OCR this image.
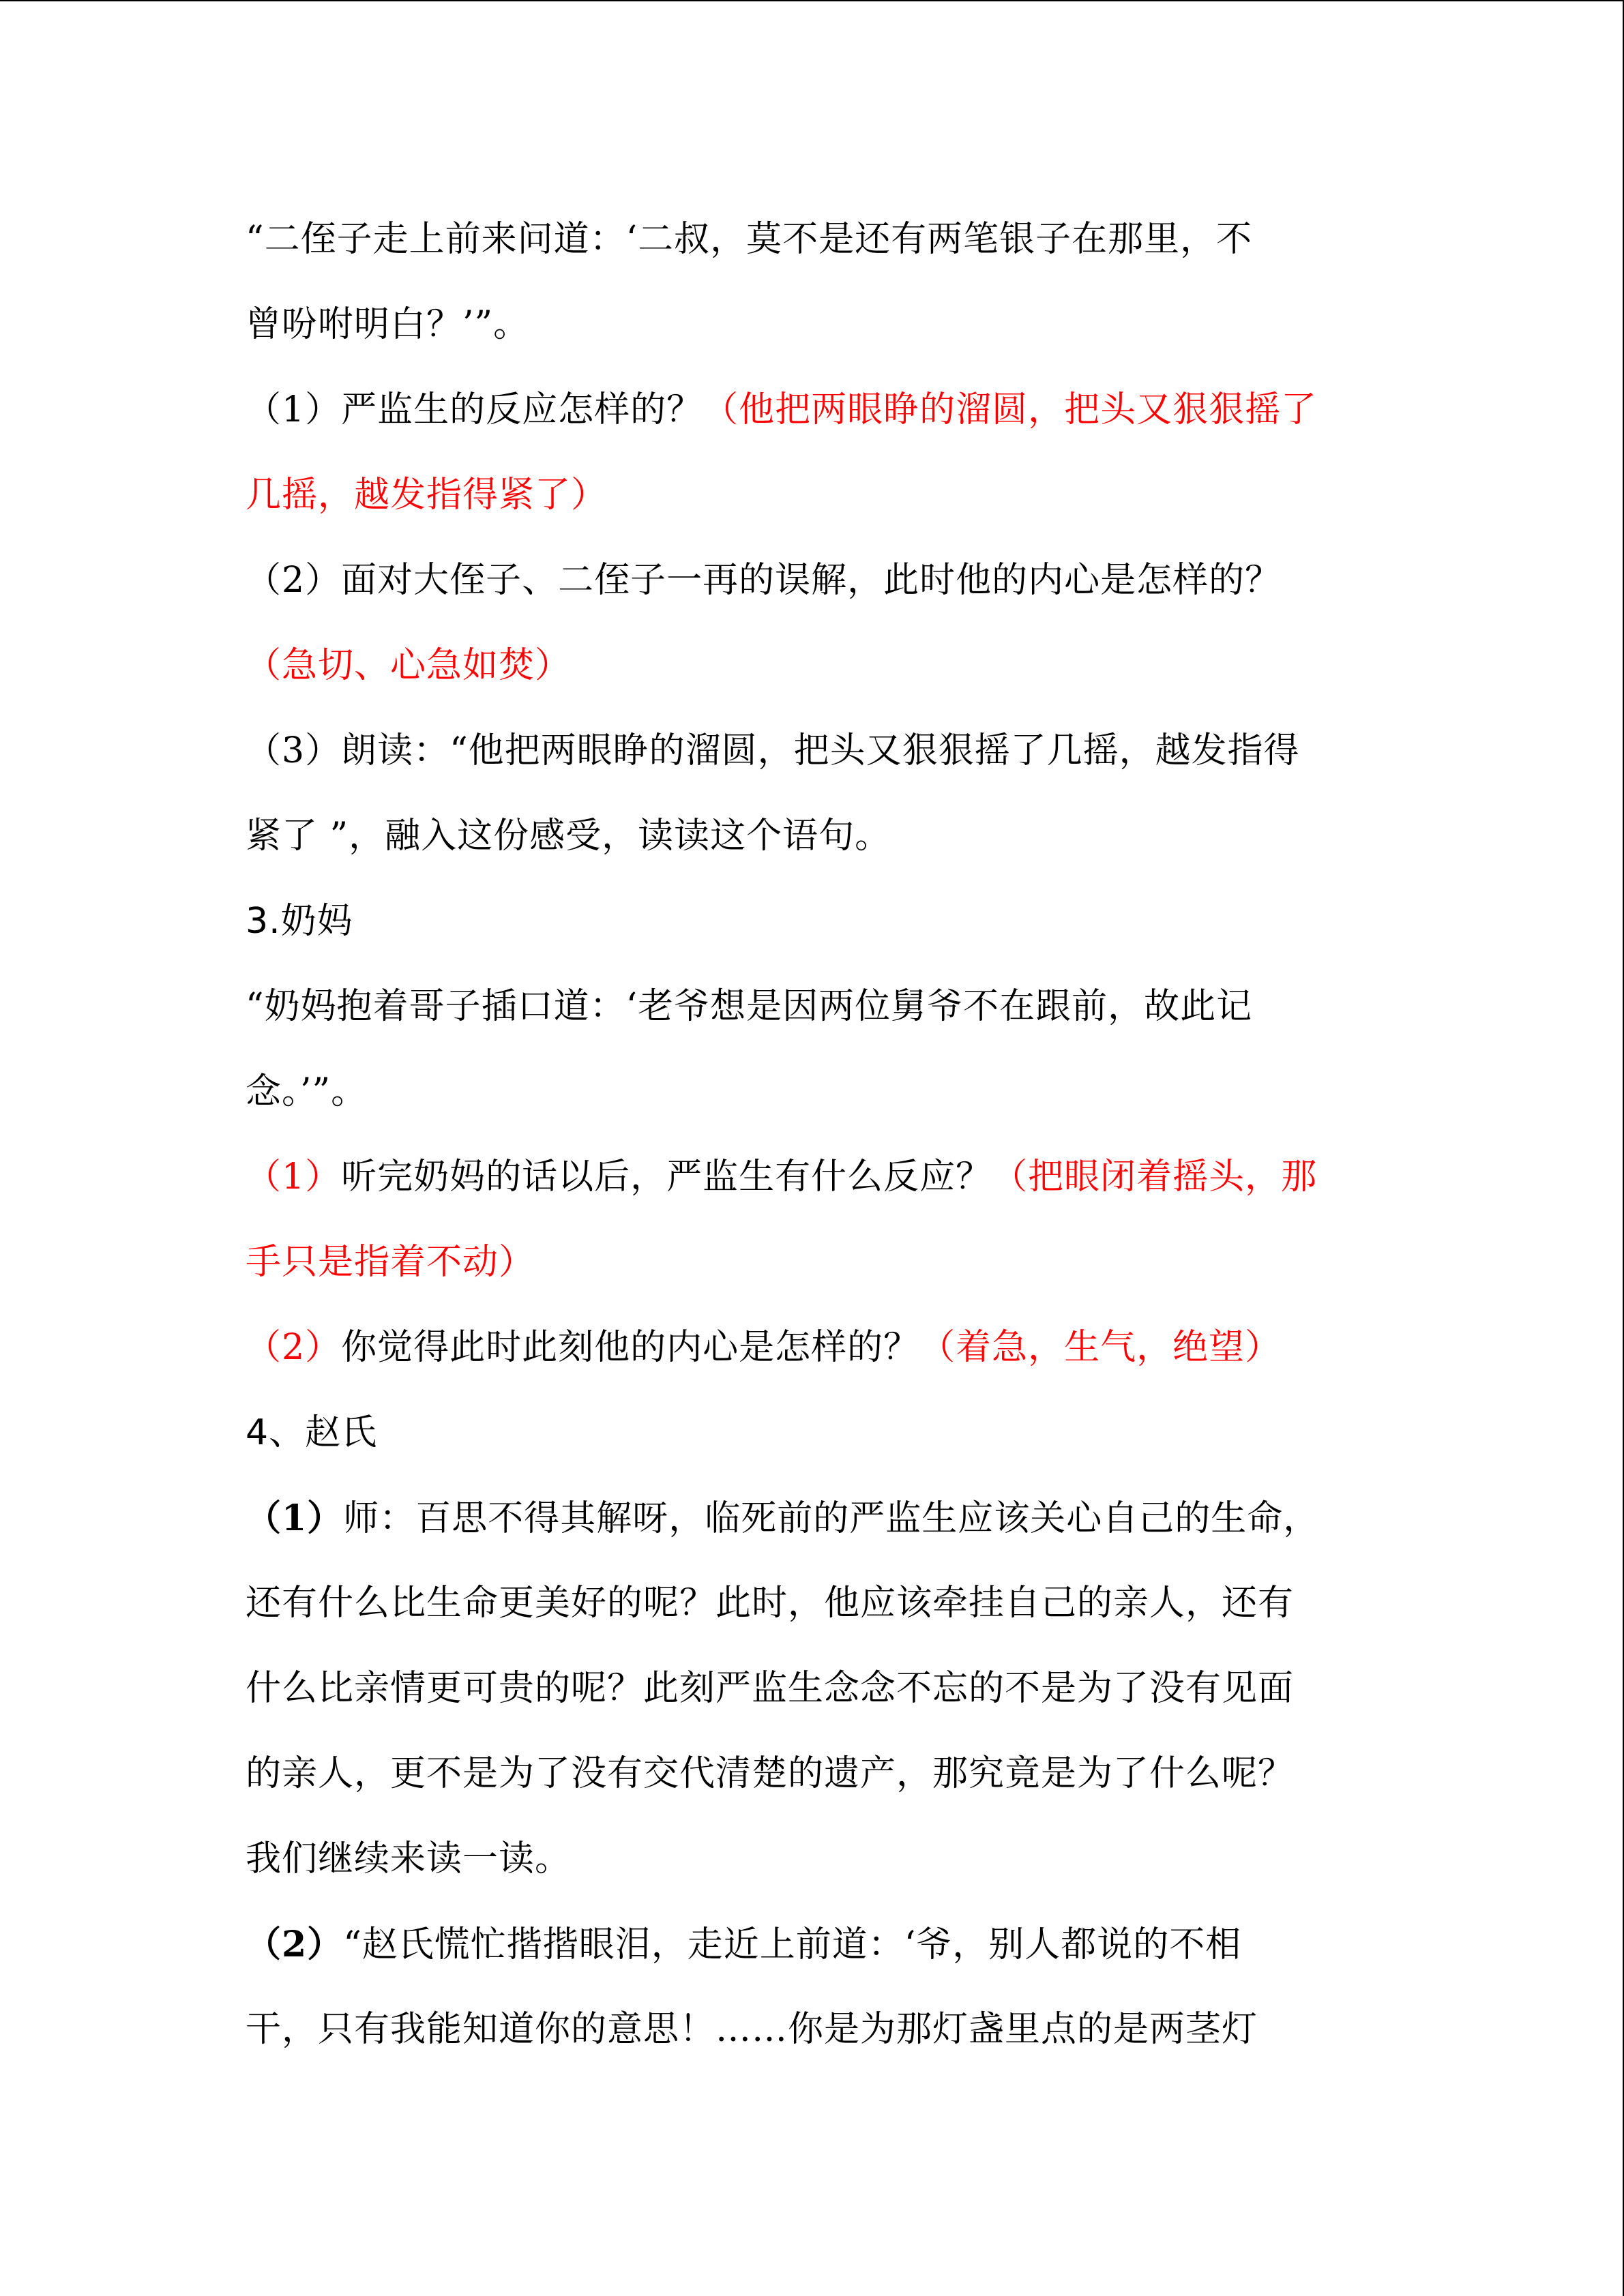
“二侄子走上前来问道：‘二叔，莫不是还有两笔银子在那里，不
曾吩咐明白？’”。
（1）严监生的反应怎样的？（他把两眼睁的溜圆，把头又狠狠摇了
几摇，越发指得紧了）
（2）面对大侄子、二侄子一再的误解，此时他的内心是怎样的？
（急切、心急如焚）
（3）朗读：“他把两眼睁的溜圆，把头又狠狠摇了几摇，越发指得
紧了 ”，融入这份感受，读读这个语句。
3.奶妈
“奶妈抱着哥子插口道：‘老爷想是因两位舅爷不在跟前，故此记
念。’”。
（1）听完奶妈的话以后，严监生有什么反应？（把眼闭着摇头，那
手只是指着不动）
（2）你觉得此时此刻他的内心是怎样的？（着急，生气，绝望）
4、赵氏
（1）师：百思不得其解呀，临死前的严监生应该关心自己的生命，
还有什么比生命更美好的呢？此时，他应该牵挂自己的亲人，还有
什么比亲情更可贵的呢？此刻严监生念念不忘的不是为了没有见面
的亲人，更不是为了没有交代清楚的遗产，那究竟是为了什么呢？
我们继续来读一读。
（2）“赵氏慌忙揩揩眼泪，走近上前道：‘爷，别人都说的不相
干，只有我能知道你的意思！……你是为那灯盏里点的是两茎灯
